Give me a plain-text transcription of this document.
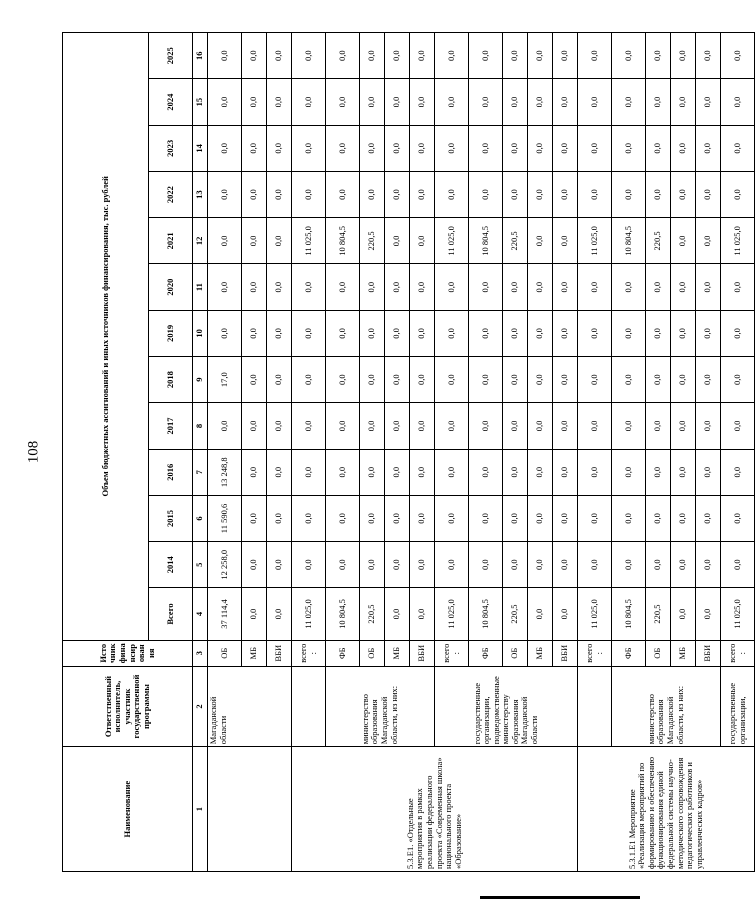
108
Наименование	Ответственный исполнитель, участник государственной программы	Источник финансирования	Объем бюджетных ассигнований и иных источников финансирования, тыс. рублей												
			Всего	2014	2015	2016	2017	2018	2019	2020	2021	2022	2023	2024	2025
1	2	3	4	5	6	7	8	9	10	11	12	13	14	15	16
	Магаданской области	ОБ	37 114,4	12 258,0	11 590,6	13 248,8	0,0	17,0	0,0	0,0	0,0	0,0	0,0	0,0	0,0
		МБ	0,0	0,0	0,0	0,0	0,0	0,0	0,0	0,0	0,0	0,0	0,0	0,0	0,0
		ВБИ	0,0	0,0	0,0	0,0	0,0	0,0	0,0	0,0	0,0	0,0	0,0	0,0	0,0
5.3.Е1. «Отдельные мероприятия в рамках реализации федерального проекта «Современная школа» национального проекта «Образование»		всего:	11 025,0	0,0	0,0	0,0	0,0	0,0	0,0	0,0	11 025,0	0,0	0,0	0,0	0,0
	министерство образования Магаданской области, из них:	ФБ	10 804,5	0,0	0,0	0,0	0,0	0,0	0,0	0,0	10 804,5	0,0	0,0	0,0	0,0
		ОБ	220,5	0,0	0,0	0,0	0,0	0,0	0,0	0,0	220,5	0,0	0,0	0,0	0,0
		МБ	0,0	0,0	0,0	0,0	0,0	0,0	0,0	0,0	0,0	0,0	0,0	0,0	0,0
		ВБИ	0,0	0,0	0,0	0,0	0,0	0,0	0,0	0,0	0,0	0,0	0,0	0,0	0,0
	государственные организации, подведомственные министерству образования Магаданской области	всего:	11 025,0	0,0	0,0	0,0	0,0	0,0	0,0	0,0	11 025,0	0,0	0,0	0,0	0,0
		ФБ	10 804,5	0,0	0,0	0,0	0,0	0,0	0,0	0,0	10 804,5	0,0	0,0	0,0	0,0
		ОБ	220,5	0,0	0,0	0,0	0,0	0,0	0,0	0,0	220,5	0,0	0,0	0,0	0,0
		МБ	0,0	0,0	0,0	0,0	0,0	0,0	0,0	0,0	0,0	0,0	0,0	0,0	0,0
		ВБИ	0,0	0,0	0,0	0,0	0,0	0,0	0,0	0,0	0,0	0,0	0,0	0,0	0,0
5.3.1.Е1 Мероприятие «Реализация мероприятий по формированию и обеспечению функционирования единой федеральной системы научно-методического сопровождения педагогических работников и управленческих кадров»		всего:	11 025,0	0,0	0,0	0,0	0,0	0,0	0,0	0,0	11 025,0	0,0	0,0	0,0	0,0
	министерство образования Магаданской области, из них:	ФБ	10 804,5	0,0	0,0	0,0	0,0	0,0	0,0	0,0	10 804,5	0,0	0,0	0,0	0,0
		ОБ	220,5	0,0	0,0	0,0	0,0	0,0	0,0	0,0	220,5	0,0	0,0	0,0	0,0
		МБ	0,0	0,0	0,0	0,0	0,0	0,0	0,0	0,0	0,0	0,0	0,0	0,0	0,0
		ВБИ	0,0	0,0	0,0	0,0	0,0	0,0	0,0	0,0	0,0	0,0	0,0	0,0	0,0
	государственные организации,	всего:	11 025,0	0,0	0,0	0,0	0,0	0,0	0,0	0,0	11 025,0	0,0	0,0	0,0	0,0
